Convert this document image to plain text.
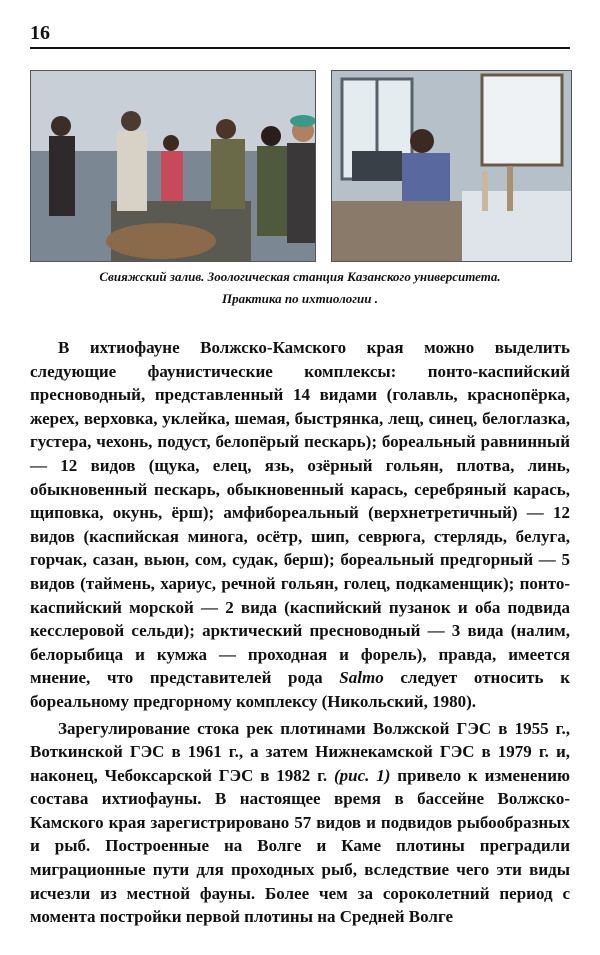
16
Свияжский залив. Зоологическая станция Казанского университета.
Практика по ихтиологии .

В ихтиофауне Волжско-Камского края можно выделить следующие фаунистические комплексы: понто-каспийский пресноводный, представленный 14 видами (голавль, краснопёрка, жерех, верховка, уклейка, шемая, быстрянка, лещ, синец, белоглазка, густера, чехонь, подуст, белопёрый пескарь); бореальный равнинный — 12 видов (щука, елец, язь, озёрный гольян, плотва, линь, обыкновенный пескарь, обыкновенный карась, серебряный карась, щиповка, окунь, ёрш); амфибореальный (верхнетретичный) — 12 видов (каспийская минога, осётр, шип, севрюга, стерлядь, белуга, горчак, сазан, вьюн, сом, судак, берш); бореальный предгорный — 5 видов (таймень, хариус, речной гольян, голец, подкаменщик); понто-каспийский морской — 2 вида (каспийский пузанок и оба подвида кесслеровой сельди); арктический пресноводный — 3 вида (налим, белорыбица и кумжа — проходная и форель), правда, имеется мнение, что представителей рода Salmo следует относить к бореальному предгорному комплексу (Никольский, 1980).

Зарегулирование стока рек плотинами Волжской ГЭС в 1955 г., Воткинской ГЭС в 1961 г., а затем Нижнекамской ГЭС в 1979 г. и, наконец, Чебоксарской ГЭС в 1982 г. (рис. 1) привело к изменению состава ихтиофауны. В настоящее время в бассейне Волжско-Камского края зарегистрировано 57 видов и подвидов рыбообразных и рыб. Построенные на Волге и Каме плотины преградили миграционные пути для проходных рыб, вследствие чего эти виды исчезли из местной фауны. Более чем за сороколетний период с момента постройки первой плотины на Средней Волге
